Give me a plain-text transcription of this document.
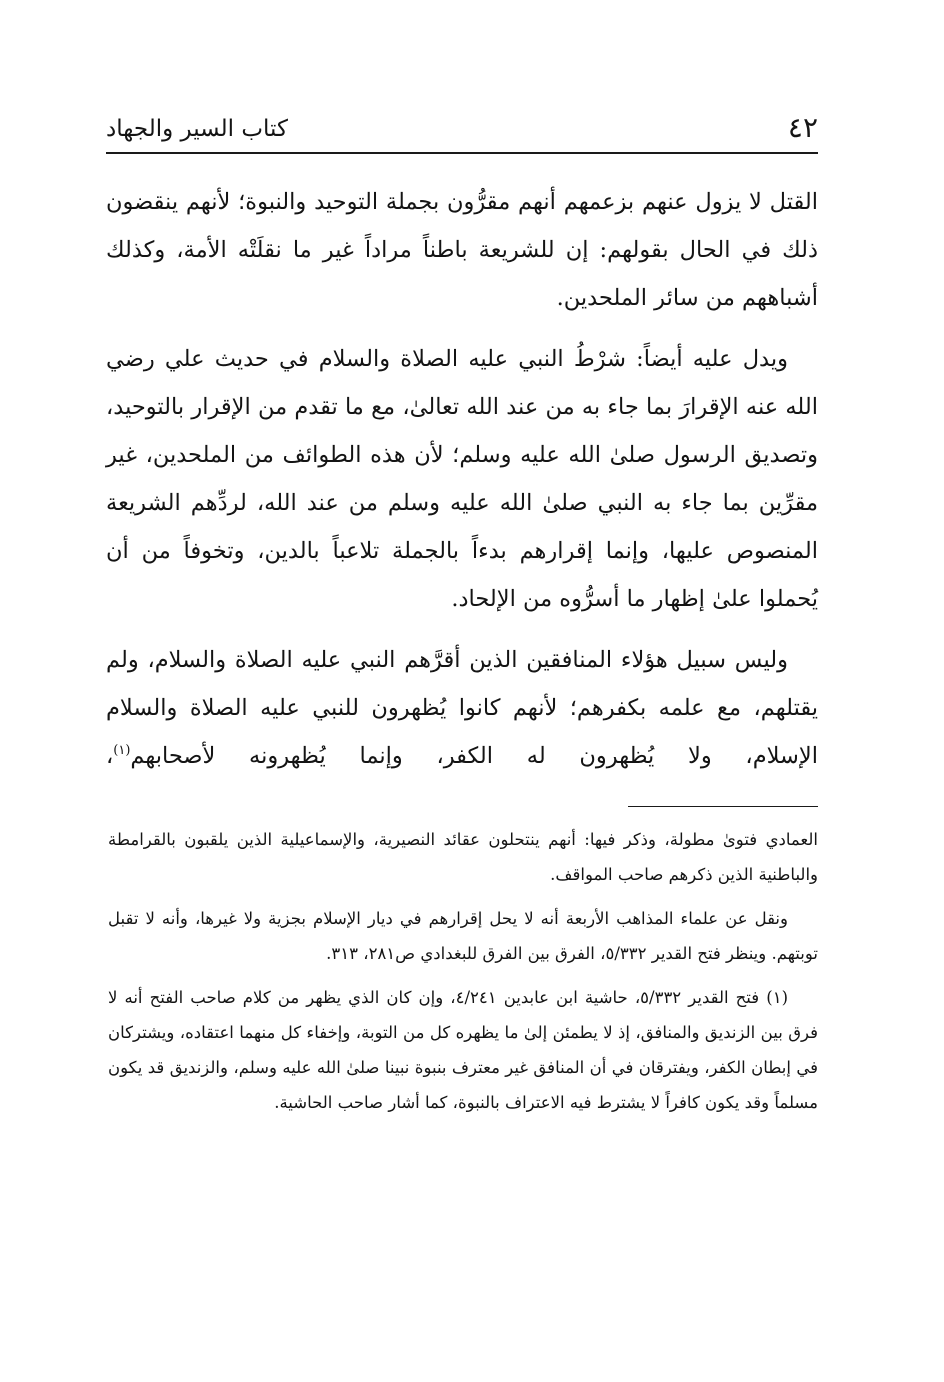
٤٢
كتاب السير والجهاد

القتل لا يزول عنهم بزعمهم أنهم مقرُّون بجملة التوحيد والنبوة؛ لأنهم ينقضون ذلك في الحال بقولهم: إن للشريعة باطناً مراداً غير ما نقلَتْه الأمة، وكذلك أشباههم من سائر الملحدين.

ويدل عليه أيضاً: شرْطُ النبي عليه الصلاة والسلام في حديث علي رضي الله عنه الإقرارَ بما جاء به من عند الله تعالىٰ، مع ما تقدم من الإقرار بالتوحيد، وتصديق الرسول صلىٰ الله عليه وسلم؛ لأن هذه الطوائف من الملحدين، غير مقرِّين بما جاء به النبي صلىٰ الله عليه وسلم من عند الله، لردِّهم الشريعة المنصوص عليها، وإنما إقرارهم بدءاً بالجملة تلاعباً بالدين، وتخوفاً من أن يُحملوا علىٰ إظهار ما أسرُّوه من الإلحاد.

وليس سبيل هؤلاء المنافقين الذين أقرَّهم النبي عليه الصلاة والسلام، ولم يقتلهم، مع علمه بكفرهم؛ لأنهم كانوا يُظهرون للنبي عليه الصلاة والسلام الإسلام، ولا يُظهرون له الكفر، وإنما يُظهرونه لأصحابهم$^{(١)}$،

العمادي فتوىٰ مطولة، وذكر فيها: أنهم ينتحلون عقائد النصيرية، والإسماعيلية الذين يلقبون بالقرامطة والباطنية الذين ذكرهم صاحب المواقف.

ونقل عن علماء المذاهب الأربعة أنه لا يحل إقرارهم في ديار الإسلام بجزية ولا غيرها، وأنه لا تقبل توبتهم. وينظر فتح القدير ٥/٣٣٢، الفرق بين الفرق للبغدادي ص٢٨١، ٣١٣.

(١) فتح القدير ٥/٣٣٢، حاشية ابن عابدين ٤/٢٤١، وإن كان الذي يظهر من كلام صاحب الفتح أنه لا فرق بين الزنديق والمنافق، إذ لا يطمئن إلىٰ ما يظهره كل من التوبة، وإخفاء كل منهما اعتقاده، ويشتركان في إبطان الكفر، ويفترقان في أن المنافق غير معترف بنبوة نبينا صلىٰ الله عليه وسلم، والزنديق قد يكون مسلماً وقد يكون كافراً لا يشترط فيه الاعتراف بالنبوة، كما أشار صاحب الحاشية.
